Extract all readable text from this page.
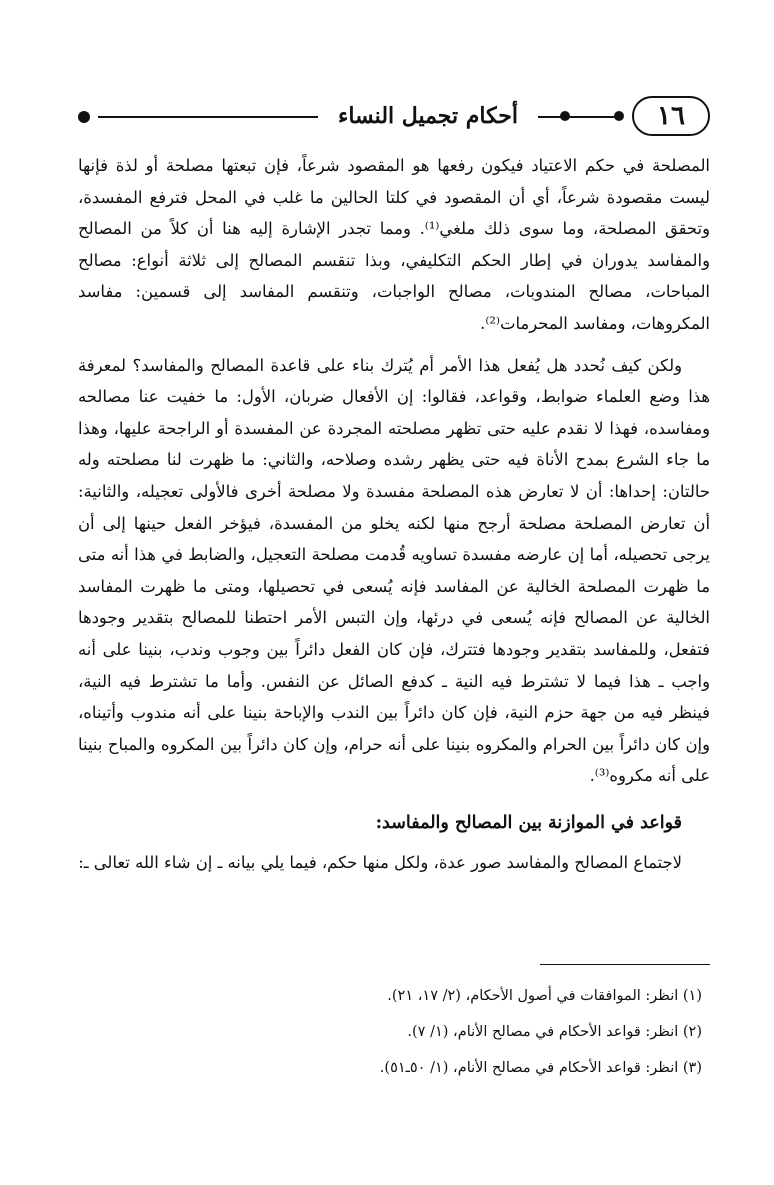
أحكام تجميل النساء	١٦

المصلحة في حكم الاعتياد فيكون رفعها هو المقصود شرعاً، فإن تبعتها مصلحة أو لذة فإنها ليست مقصودة شرعاً، أي أن المقصود في كلتا الحالين ما غلب في المحل فترفع المفسدة، وتحقق المصلحة، وما سوى ذلك ملغي⁽¹⁾. ومما تجدر الإشارة إليه هنا أن كلاً من المصالح والمفاسد يدوران في إطار الحكم التكليفي، وبذا تنقسم المصالح إلى ثلاثة أنواع: مصالح المباحات، مصالح المندوبات، مصالح الواجبات، وتنقسم المفاسد إلى قسمين: مفاسد المكروهات، ومفاسد المحرمات⁽²⁾.

ولكن كيف نُحدد هل يُفعل هذا الأمر أم يُترك بناء على قاعدة المصالح والمفاسد؟ لمعرفة هذا وضع العلماء ضوابط، وقواعد، فقالوا: إن الأفعال ضربان، الأول: ما خفيت عنا مصالحه ومفاسده، فهذا لا نقدم عليه حتى تظهر مصلحته المجردة عن المفسدة أو الراجحة عليها، وهذا ما جاء الشرع بمدح الأناة فيه حتى يظهر رشده وصلاحه، والثاني: ما ظهرت لنا مصلحته وله حالتان: إحداها: أن لا تعارض هذه المصلحة مفسدة ولا مصلحة أخرى فالأولى تعجيله، والثانية: أن تعارض المصلحة مصلحة أرجح منها لكنه يخلو من المفسدة، فيؤخر الفعل حينها إلى أن يرجى تحصيله، أما إن عارضه مفسدة تساويه قُدمت مصلحة التعجيل، والضابط في هذا أنه متى ما ظهرت المصلحة الخالية عن المفاسد فإنه يُسعى في تحصيلها، ومتى ما ظهرت المفاسد الخالية عن المصالح فإنه يُسعى في درئها، وإن التبس الأمر احتطنا للمصالح بتقدير وجودها فتفعل، وللمفاسد بتقدير وجودها فتترك، فإن كان الفعل دائراً بين وجوب وندب، بنينا على أنه واجب ـ هذا فيما لا تشترط فيه النية ـ كدفع الصائل عن النفس. وأما ما تشترط فيه النية، فينظر فيه من جهة حزم النية، فإن كان دائراً بين الندب والإباحة بنينا على أنه مندوب وأتيناه، وإن كان دائراً بين الحرام والمكروه بنينا على أنه حرام، وإن كان دائراً بين المكروه والمباح بنينا على أنه مكروه⁽³⁾.

قواعد في الموازنة بين المصالح والمفاسد:

لاجتماع المصالح والمفاسد صور عدة، ولكل منها حكم، فيما يلي بيانه ـ إن شاء الله تعالى ـ:

(١) انظر: الموافقات في أصول الأحكام، (٢/ ١٧، ٢١).

(٢) انظر: قواعد الأحكام في مصالح الأنام، (١/ ٧).

(٣) انظر: قواعد الأحكام في مصالح الأنام، (١/ ٥٠ـ٥١).
